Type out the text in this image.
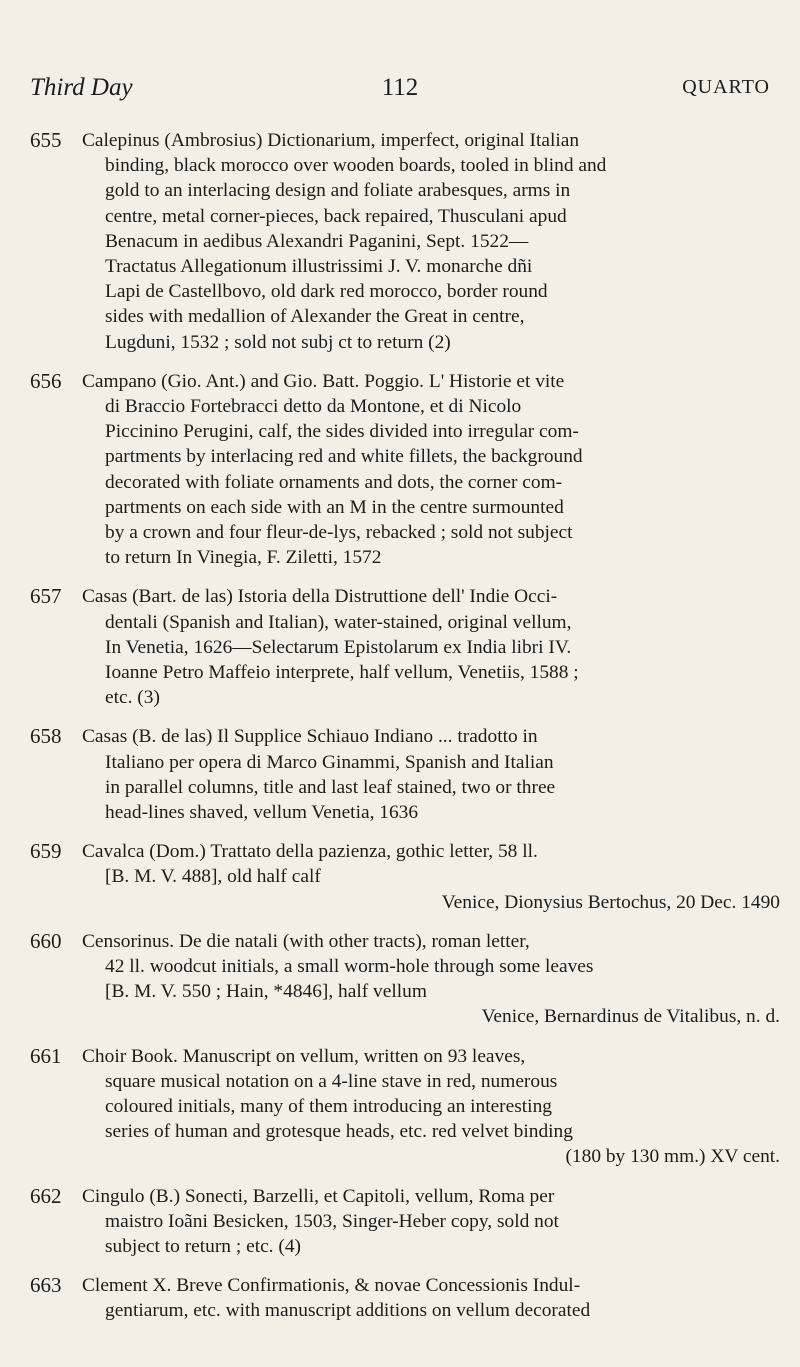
Third Day	112	QUARTO
655 Calepinus (Ambrosius) Dictionarium, imperfect, original Italian
binding, black morocco over wooden boards, tooled in blind and
gold to an interlacing design and foliate arabesques, arms in
centre, metal corner-pieces, back repaired, Thusculani apud
Benacum in aedibus Alexandri Paganini, Sept. 1522—
Tractatus Allegationum illustrissimi J. V. monarche dñi
Lapi de Castellbovo, old dark red morocco, border round
sides with medallion of Alexander the Great in centre,
Lugduni, 1532 ; sold not subj ct to return (2)
656 Campano (Gio. Ant.) and Gio. Batt. Poggio. L' Historie et vite
di Braccio Fortebracci detto da Montone, et di Nicolo
Piccinino Perugini, calf, the sides divided into irregular com-
partments by interlacing red and white fillets, the background
decorated with foliate ornaments and dots, the corner com-
partments on each side with an M in the centre surmounted
by a crown and four fleur-de-lys, rebacked ; sold not subject
to return In Vinegia, F. Ziletti, 1572
657 Casas (Bart. de las) Istoria della Distruttione dell' Indie Occi-
dentali (Spanish and Italian), water-stained, original vellum,
In Venetia, 1626—Selectarum Epistolarum ex India libri IV.
Ioanne Petro Maffeio interprete, half vellum, Venetiis, 1588 ;
etc. (3)
658 Casas (B. de las) Il Supplice Schiauo Indiano ... tradotto in
Italiano per opera di Marco Ginammi, Spanish and Italian
in parallel columns, title and last leaf stained, two or three
head-lines shaved, vellum Venetia, 1636
659 Cavalca (Dom.) Trattato della pazienza, gothic letter, 58 ll.
[B. M. V. 488], old half calf
Venice, Dionysius Bertochus, 20 Dec. 1490
660 Censorinus. De die natali (with other tracts), roman letter,
42 ll. woodcut initials, a small worm-hole through some leaves
[B. M. V. 550 ; Hain, *4846], half vellum
Venice, Bernardinus de Vitalibus, n. d.
661 Choir Book. Manuscript on vellum, written on 93 leaves,
square musical notation on a 4-line stave in red, numerous
coloured initials, many of them introducing an interesting
series of human and grotesque heads, etc. red velvet binding
(180 by 130 mm.) XV cent.
662 Cingulo (B.) Sonecti, Barzelli, et Capitoli, vellum, Roma per
maistro Ioãni Besicken, 1503, Singer-Heber copy, sold not
subject to return ; etc. (4)
663 Clement X. Breve Confirmationis, & novae Concessionis Indul-
gentiarum, etc. with manuscript additions on vellum decorated
